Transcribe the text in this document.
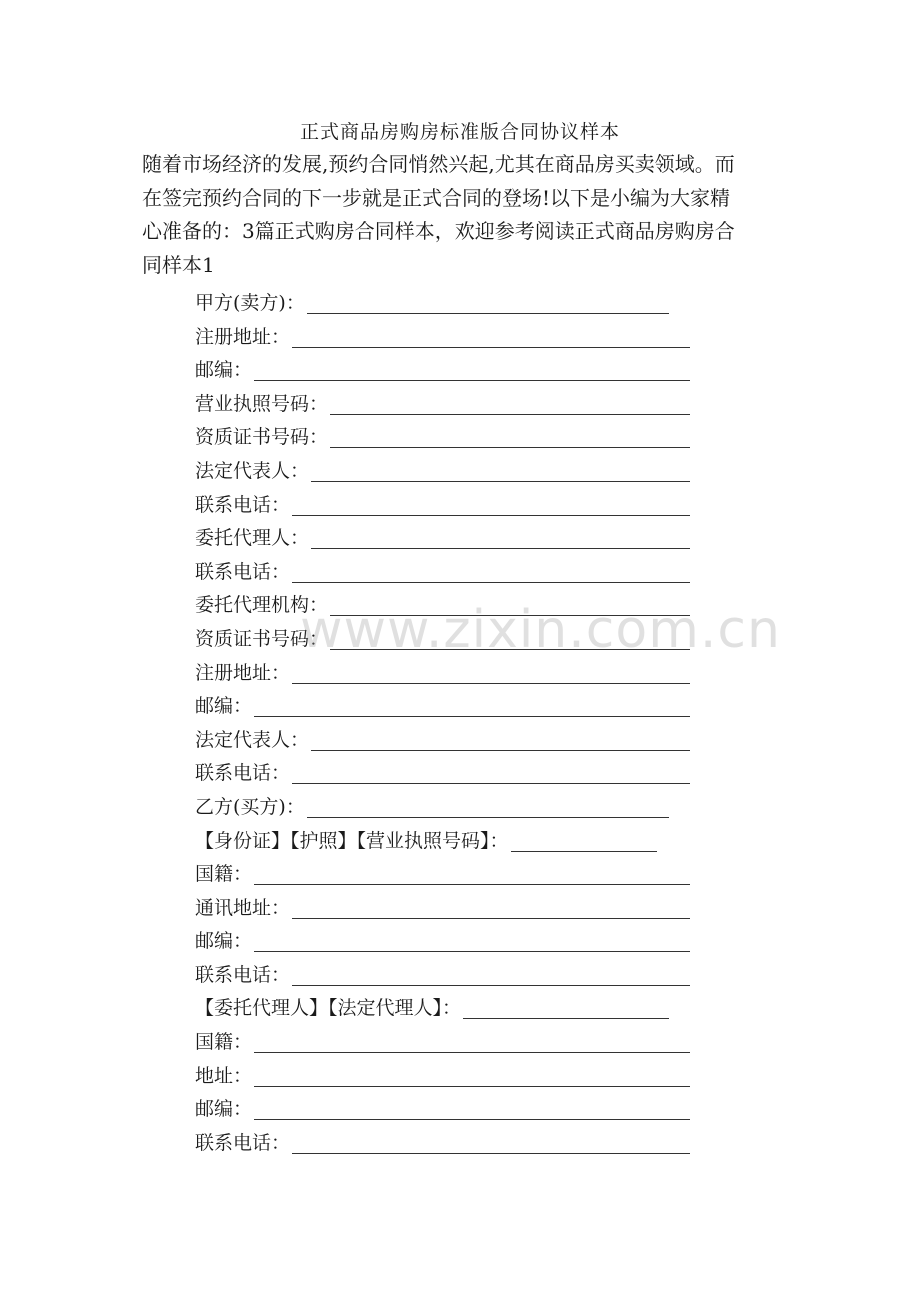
正式商品房购房标准版合同协议样本
随着市场经济的发展,预约合同悄然兴起,尤其在商品房买卖领域。而
在签完预约合同的下一步就是正式合同的登场!以下是小编为大家精
心准备的：3篇正式购房合同样本，欢迎参考阅读正式商品房购房合
同样本1
甲方(卖方)：
注册地址：
邮编：
营业执照号码：
资质证书号码：
法定代表人：
联系电话：
委托代理人：
联系电话：
委托代理机构：
资质证书号码：
注册地址：
邮编：
法定代表人：
联系电话：
乙方(买方)：
【身份证】【护照】【营业执照号码】：
国籍：
通讯地址：
邮编：
联系电话：
【委托代理人】【法定代理人】：
国籍：
地址：
邮编：
联系电话：
www.zixin.com.cn
